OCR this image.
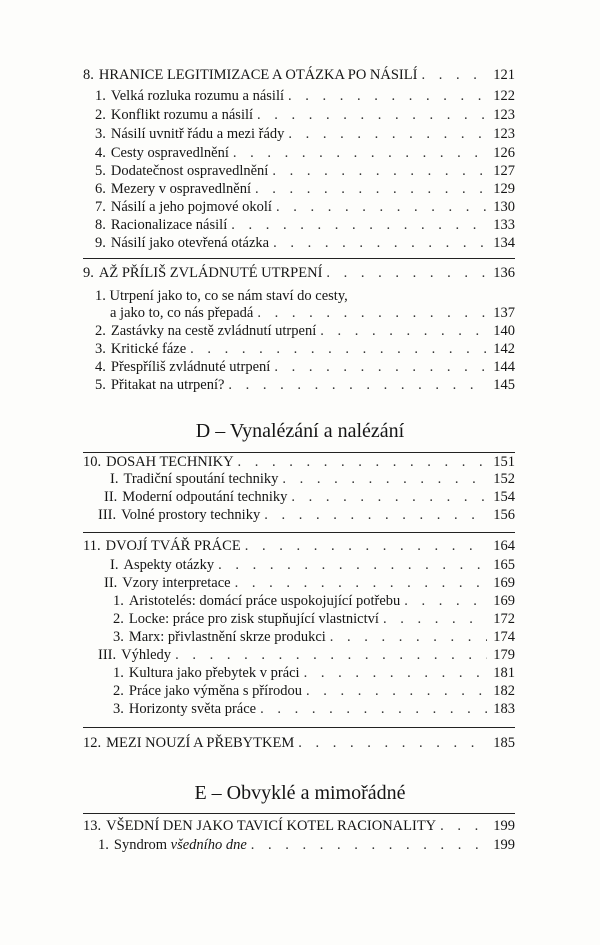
8. HRANICE LEGITIMIZACE A OTÁZKA PO NÁSILÍ . . .	121
1. Velká rozluka rozumu a násilí . . .	122
2. Konflikt rozumu a násilí . . .	123
3. Násilí uvnitř řádu a mezi řády . . .	123
4. Cesty ospravedlnění . . .	126
5. Dodatečnost ospravedlnění . . .	127
6. Mezery v ospravedlnění . . .	129
7. Násilí a jeho pojmové okolí . . .	130
8. Racionalizace násilí . . .	133
9. Násilí jako otevřená otázka . . .	134
9. AŽ PŘÍLIŠ ZVLÁDNUTÉ UTRPENÍ . . .	136
1. Utrpení jako to, co se nám staví do cesty,
a jako to, co nás přepadá . . .	137
2. Zastávky na cestě zvládnutí utrpení . . .	140
3. Kritické fáze . . .	142
4. Přespříliš zvládnuté utrpení . . .	144
5. Přitakat na utrpení? . . .	145
D – Vynalézání a nalézání
10. DOSAH TECHNIKY . . .	151
I. Tradiční spoutání techniky . . .	152
II. Moderní odpoutání techniky . . .	154
III. Volné prostory techniky . . .	156
11. DVOJÍ TVÁŘ PRÁCE . . .	164
I. Aspekty otázky . . .	165
II. Vzory interpretace . . .	169
1. Aristotelés: domácí práce uspokojující potřebu . . .	169
2. Locke: práce pro zisk stupňující vlastnictví . . .	172
3. Marx: přivlastnění skrze produkci . . .	174
III. Výhledy . . .	179
1. Kultura jako přebytek v práci . . .	181
2. Práce jako výměna s přírodou . . .	182
3. Horizonty světa práce . . .	183
12. MEZI NOUZÍ A PŘEBYTKEM . . .	185
E – Obvyklé a mimořádné
13. VŠEDNÍ DEN JAKO TAVICÍ KOTEL RACIONALITY . . .	199
1. Syndrom všedního dne . . .	199
